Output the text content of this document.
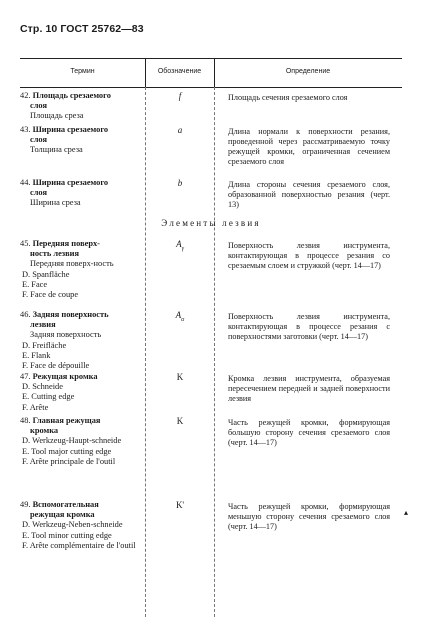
Стр. 10 ГОСТ 25762—83
Термин	Обозначение	Определение
42. Площадь срезаемого
слоя
Площадь среза
f	Площадь сечения срезаемого слоя
43. Ширина срезаемого
слоя
Толщина среза
a	Длина нормали к поверхности резания, проведенной через рассматриваемую точку режущей кромки, ограниченная сечением срезаемого слоя
44. Ширина срезаемого
слоя
Ширина среза
b	Длина стороны сечения срезаемого слоя, образованной поверхностью резания (черт. 13)
Элементы лезвия
45. Передняя поверх-
ность лезвия
Передняя поверх-ность
D. Spanfläche
E. Face
F. Face de coupe
$A_\gamma$	Поверхность лезвия инструмента, контактирующая в процессе резания со срезаемым слоем и стружкой (черт. 14—17)
46. Задняя поверхность
лезвия
Задняя поверхность
D. Freifläche
E. Flank
F. Face de dépouille
$A_\alpha$	Поверхность лезвия инструмента, контактирующая в процессе резания с поверхностями заготовки (черт. 14—17)
47. Режущая кромка
D. Schneide
E. Cutting edge
F. Arête
K	Кромка лезвия инструмента, образуемая пересечением передней и задней поверхности лезвия
48. Главная режущая
кромка
D. Werkzeug-Haupt-schneide
E. Tool major cutting edge
F. Arête principale de l'outil
K	Часть режущей кромки, формирующая большую сторону сечения срезаемого слоя (черт. 14—17)
49. Вспомогательная
режущая кромка
D. Werkzeug-Neben-schneide
E. Tool minor cutting edge
F. Arête complémentaire de l'outil
K'	Часть режущей кромки, формирующая меньшую сторону сечения срезаемого слоя (черт. 14—17)
▴
